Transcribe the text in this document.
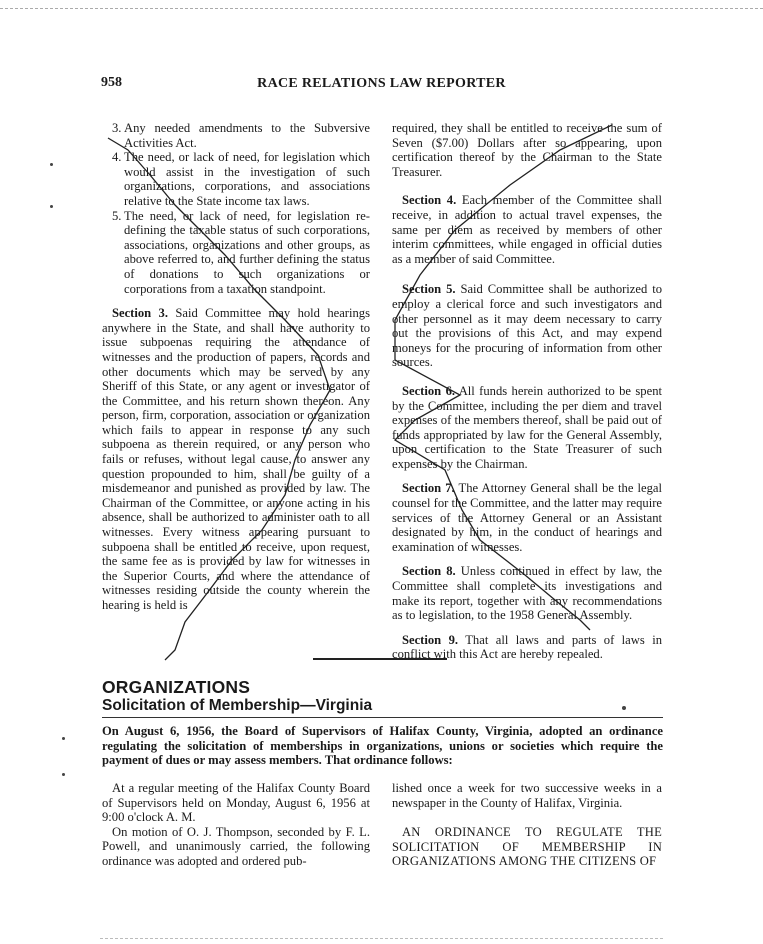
958	RACE RELATIONS LAW REPORTER

3. Any needed amendments to the Subversive Activities Act.

4. The need, or lack of need, for legislation which would assist in the investigation of such organizations, corporations, and associations relative to the State income tax laws.

5. The need, or lack of need, for legislation re-defining the taxable status of such corporations, associations, organizations and other groups, as above referred to, and further defining the status of donations to such organizations or corporations from a taxation standpoint.

Section 3. Said Committee may hold hearings anywhere in the State, and shall have authority to issue subpoenas requiring the attendance of witnesses and the production of papers, records and other documents which may be served by any Sheriff of this State, or any agent or investigator of the Committee, and his return shown thereon. Any person, firm, corporation, association or organization which fails to appear in response to any such subpoena as therein required, or any person who fails or refuses, without legal cause, to answer any question propounded to him, shall be guilty of a misdemeanor and punished as provided by law. The Chairman of the Committee, or anyone acting in his absence, shall be authorized to administer oath to all witnesses. Every witness appearing pursuant to subpoena shall be entitled to receive, upon request, the same fee as is provided by law for witnesses in the Superior Courts, and where the attendance of witnesses residing outside the county wherein the hearing is held is

required, they shall be entitled to receive the sum of Seven ($7.00) Dollars after so appearing, upon certification thereof by the Chairman to the State Treasurer.

Section 4. Each member of the Committee shall receive, in addition to actual travel expenses, the same per diem as received by members of other interim committees, while engaged in official duties as a member of said Committee.

Section 5. Said Committee shall be authorized to employ a clerical force and such investigators and other personnel as it may deem necessary to carry out the provisions of this Act, and may expend moneys for the procuring of information from other sources.

Section 6. All funds herein authorized to be spent by the Committee, including the per diem and travel expenses of the members thereof, shall be paid out of funds appropriated by law for the General Assembly, upon certification to the State Treasurer of such expenses by the Chairman.

Section 7. The Attorney General shall be the legal counsel for the Committee, and the latter may require services of the Attorney General or an Assistant designated by him, in the conduct of hearings and examination of witnesses.

Section 8. Unless continued in effect by law, the Committee shall complete its investigations and make its report, together with any recommendations as to legislation, to the 1958 General Assembly.

Section 9. That all laws and parts of laws in conflict with this Act are hereby repealed.

ORGANIZATIONS
Solicitation of Membership—Virginia
On August 6, 1956, the Board of Supervisors of Halifax County, Virginia, adopted an ordinance regulating the solicitation of memberships in organizations, unions or societies which require the payment of dues or may assess members. That ordinance follows:

At a regular meeting of the Halifax County Board of Supervisors held on Monday, August 6, 1956 at 9:00 o'clock A. M.

On motion of O. J. Thompson, seconded by F. L. Powell, and unanimously carried, the following ordinance was adopted and ordered pub-

lished once a week for two successive weeks in a newspaper in the County of Halifax, Virginia.

AN ORDINANCE TO REGULATE THE SOLICITATION OF MEMBERSHIP IN ORGANIZATIONS AMONG THE CITIZENS OF
